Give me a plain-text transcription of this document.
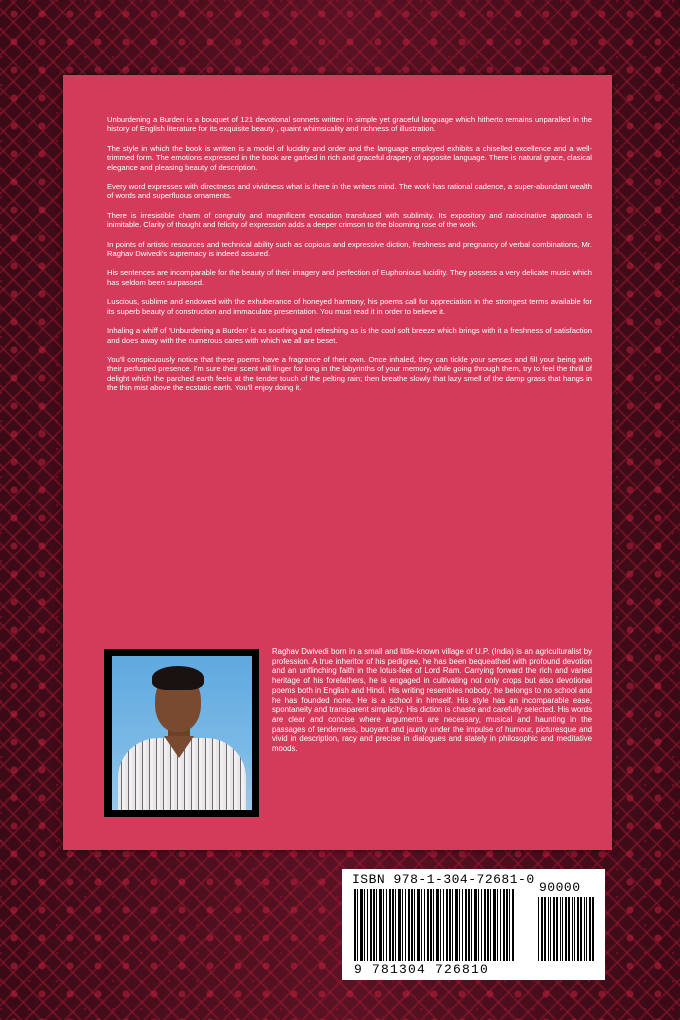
Unburdening a Burden is a bouquet of 121 devotional sonnets written in simple yet graceful language which hitherto remains unparalled in the history of English literature for its exquisite beauty , quaint whimsicality and richness of illustration.

The style in which the book is written is a model of lucidity and order and the language employed exhibits a chiselled excellence and a well-trimmed form. The emotions expressed in the book are garbed in rich and graceful drapery of apposite language. There is natural grace, clasical elegance and pleasing beauty of description.

Every word expresses with directness and vividness what is there in the writers mind. The work has rational cadence, a super-abundant wealth of words and superfluous ornaments.

There is irresistible charm of congruity and magnificent evocation transfused with sublimity. Its expository and ratiocinative approach is inimitable. Clarity of thought and felicity of expression adds a deeper crimson to the blooming rose of the work.

In points of artistic resources and technical ability such as copious and expressive diction, freshness and pregnancy of verbal combinations, Mr. Raghav Dwivedi's supremacy is indeed assured.

His sentences are incomparable for the beauty of their imagery and perfection of Euphonious lucidity. They possess a very delicate music which has seldom been surpassed.

Luscious, sublime and endowed with the exhuberance of honeyed harmony, his poems call for appreciation in the strongest terms available for its superb beauty of construction and immaculate presentation. You must read it in order to believe it.

Inhaling a whiff of 'Unburdening a Burden' is as soothing and refreshing as is the cool soft breeze which brings with it a freshness of satisfaction and does away with the numerous cares with which we all are beset.

You'll conspicuously notice that these poems have a fragrance of their own. Once inhaled, they can tickle your senses and fill your being with their perfumed presence. I'm sure their scent will linger for long in the labyrinths of your memory, while going through them, try to feel the thrill of delight which the parched earth feels at the tender touch of the pelting rain; then breathe slowly that lazy smell of the damp grass that hangs in the thin mist above the ecstatic earth. You'll enjoy doing it.

Raghav Dwivedi born in a small and little-known village of U.P. (India) is an agriculturalist by profession. A true inheritor of his pedigree, he has been bequeathed with profound devotion and an unflinching faith in the lotus-feet of Lord Ram. Carrying forward the rich and varied heritage of his forefathers, he is engaged in cultivating not only crops but also devotional poems both in English and Hindi. His writing resembles nobody, he belongs to no school and he has founded none. He is a school in himself. His style has an incomparable ease, spontaneity and transparent simplicity. His diction is chaste and carefully selected. His words are clear and concise where arguments are necessary, musical and haunting in the passages of tenderness, buoyant and jaunty under the impulse of humour, picturesque and vivid in description, racy and precise in dialogues and stately in philosophic and meditative moods.
ISBN 978-1-304-72681-0
90000
9 781304 726810
